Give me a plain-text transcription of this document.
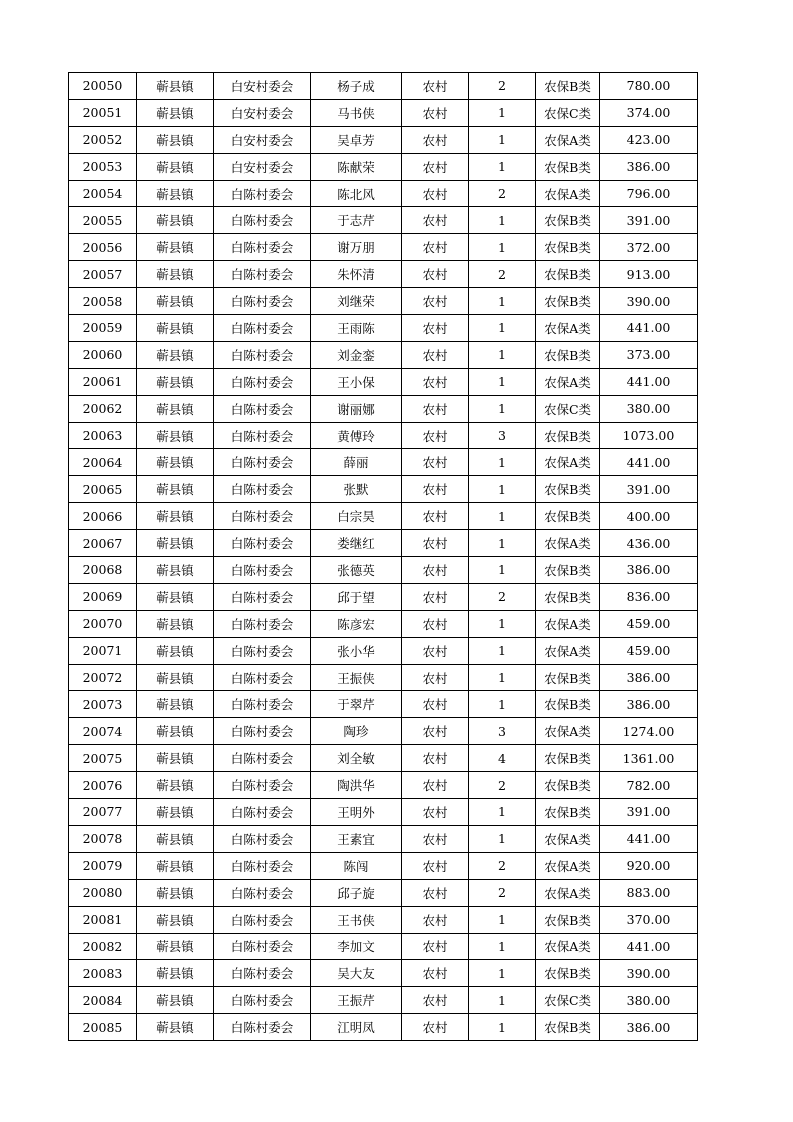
20050	蕲县镇	白安村委会	杨子成	农村	2	农保B类	780.00
20051	蕲县镇	白安村委会	马书侠	农村	1	农保C类	374.00
20052	蕲县镇	白安村委会	吴卓芳	农村	1	农保A类	423.00
20053	蕲县镇	白安村委会	陈献荣	农村	1	农保B类	386.00
20054	蕲县镇	白陈村委会	陈北风	农村	2	农保A类	796.00
20055	蕲县镇	白陈村委会	于志芹	农村	1	农保B类	391.00
20056	蕲县镇	白陈村委会	谢万朋	农村	1	农保B类	372.00
20057	蕲县镇	白陈村委会	朱怀清	农村	2	农保B类	913.00
20058	蕲县镇	白陈村委会	刘继荣	农村	1	农保B类	390.00
20059	蕲县镇	白陈村委会	王雨陈	农村	1	农保A类	441.00
20060	蕲县镇	白陈村委会	刘金銮	农村	1	农保B类	373.00
20061	蕲县镇	白陈村委会	王小保	农村	1	农保A类	441.00
20062	蕲县镇	白陈村委会	谢丽娜	农村	1	农保C类	380.00
20063	蕲县镇	白陈村委会	黄傅玲	农村	3	农保B类	1073.00
20064	蕲县镇	白陈村委会	薛丽	农村	1	农保A类	441.00
20065	蕲县镇	白陈村委会	张默	农村	1	农保B类	391.00
20066	蕲县镇	白陈村委会	白宗昊	农村	1	农保B类	400.00
20067	蕲县镇	白陈村委会	娄继红	农村	1	农保A类	436.00
20068	蕲县镇	白陈村委会	张德英	农村	1	农保B类	386.00
20069	蕲县镇	白陈村委会	邱于望	农村	2	农保B类	836.00
20070	蕲县镇	白陈村委会	陈彦宏	农村	1	农保A类	459.00
20071	蕲县镇	白陈村委会	张小华	农村	1	农保A类	459.00
20072	蕲县镇	白陈村委会	王振侠	农村	1	农保B类	386.00
20073	蕲县镇	白陈村委会	于翠芹	农村	1	农保B类	386.00
20074	蕲县镇	白陈村委会	陶珍	农村	3	农保A类	1274.00
20075	蕲县镇	白陈村委会	刘全敏	农村	4	农保B类	1361.00
20076	蕲县镇	白陈村委会	陶洪华	农村	2	农保B类	782.00
20077	蕲县镇	白陈村委会	王明外	农村	1	农保B类	391.00
20078	蕲县镇	白陈村委会	王素宜	农村	1	农保A类	441.00
20079	蕲县镇	白陈村委会	陈闯	农村	2	农保A类	920.00
20080	蕲县镇	白陈村委会	邱子旋	农村	2	农保A类	883.00
20081	蕲县镇	白陈村委会	王书侠	农村	1	农保B类	370.00
20082	蕲县镇	白陈村委会	李加文	农村	1	农保A类	441.00
20083	蕲县镇	白陈村委会	吴大友	农村	1	农保B类	390.00
20084	蕲县镇	白陈村委会	王振芹	农村	1	农保C类	380.00
20085	蕲县镇	白陈村委会	江明凤	农村	1	农保B类	386.00
